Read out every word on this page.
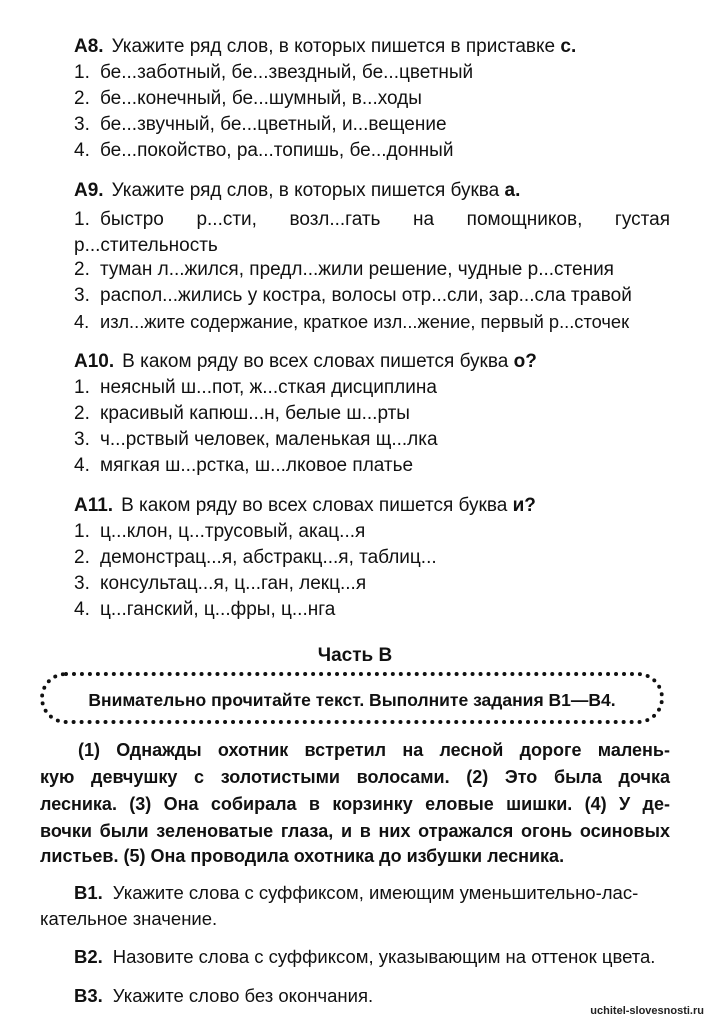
А8. Укажите ряд слов, в которых пишется в приставке с.
1. бе...заботный, бе...звездный, бе...цветный
2. бе...конечный, бе...шумный, в...ходы
3. бе...звучный, бе...цветный, и...вещение
4. бе...покойство, ра...топишь, бе...донный
А9. Укажите ряд слов, в которых пишется буква а.
1. быстро р...сти, возл...гать на помощников, густая р...стительность
2. туман л...жился, предл...жили решение, чудные р...стения
3. распол...жились у костра, волосы отр...сли, зар...сла травой
4. изл...жите содержание, краткое изл...жение, первый р...сточек
А10. В каком ряду во всех словах пишется буква о?
1. неясный ш...пот, ж...сткая дисциплина
2. красивый капюш...н, белые ш...рты
3. ч...рствый человек, маленькая щ...лка
4. мягкая ш...рстка, ш...лковое платье
А11. В каком ряду во всех словах пишется буква и?
1. ц...клон, ц...трусовый, акац...я
2. демонстрац...я, абстракц...я, таблиц...
3. консультац...я, ц...ган, лекц...я
4. ц...ганский, ц...фры, ц...нга
Часть В
Внимательно прочитайте текст. Выполните задания В1—В4.
(1) Однажды охотник встретил на лесной дороге малень-
кую девчушку с золотистыми волосами. (2) Это была дочка
лесника. (3) Она собирала в корзинку еловые шишки. (4) У де-
вочки были зеленоватые глаза, и в них отражался огонь осиновых
листьев. (5) Она проводила охотника до избушки лесника.
В1. Укажите слова с суффиксом, имеющим уменьшительно-лас-
кательное значение.
В2. Назовите слова с суффиксом, указывающим на оттенок цвета.
В3. Укажите слово без окончания.
uchitel-slovesnosti.ru
